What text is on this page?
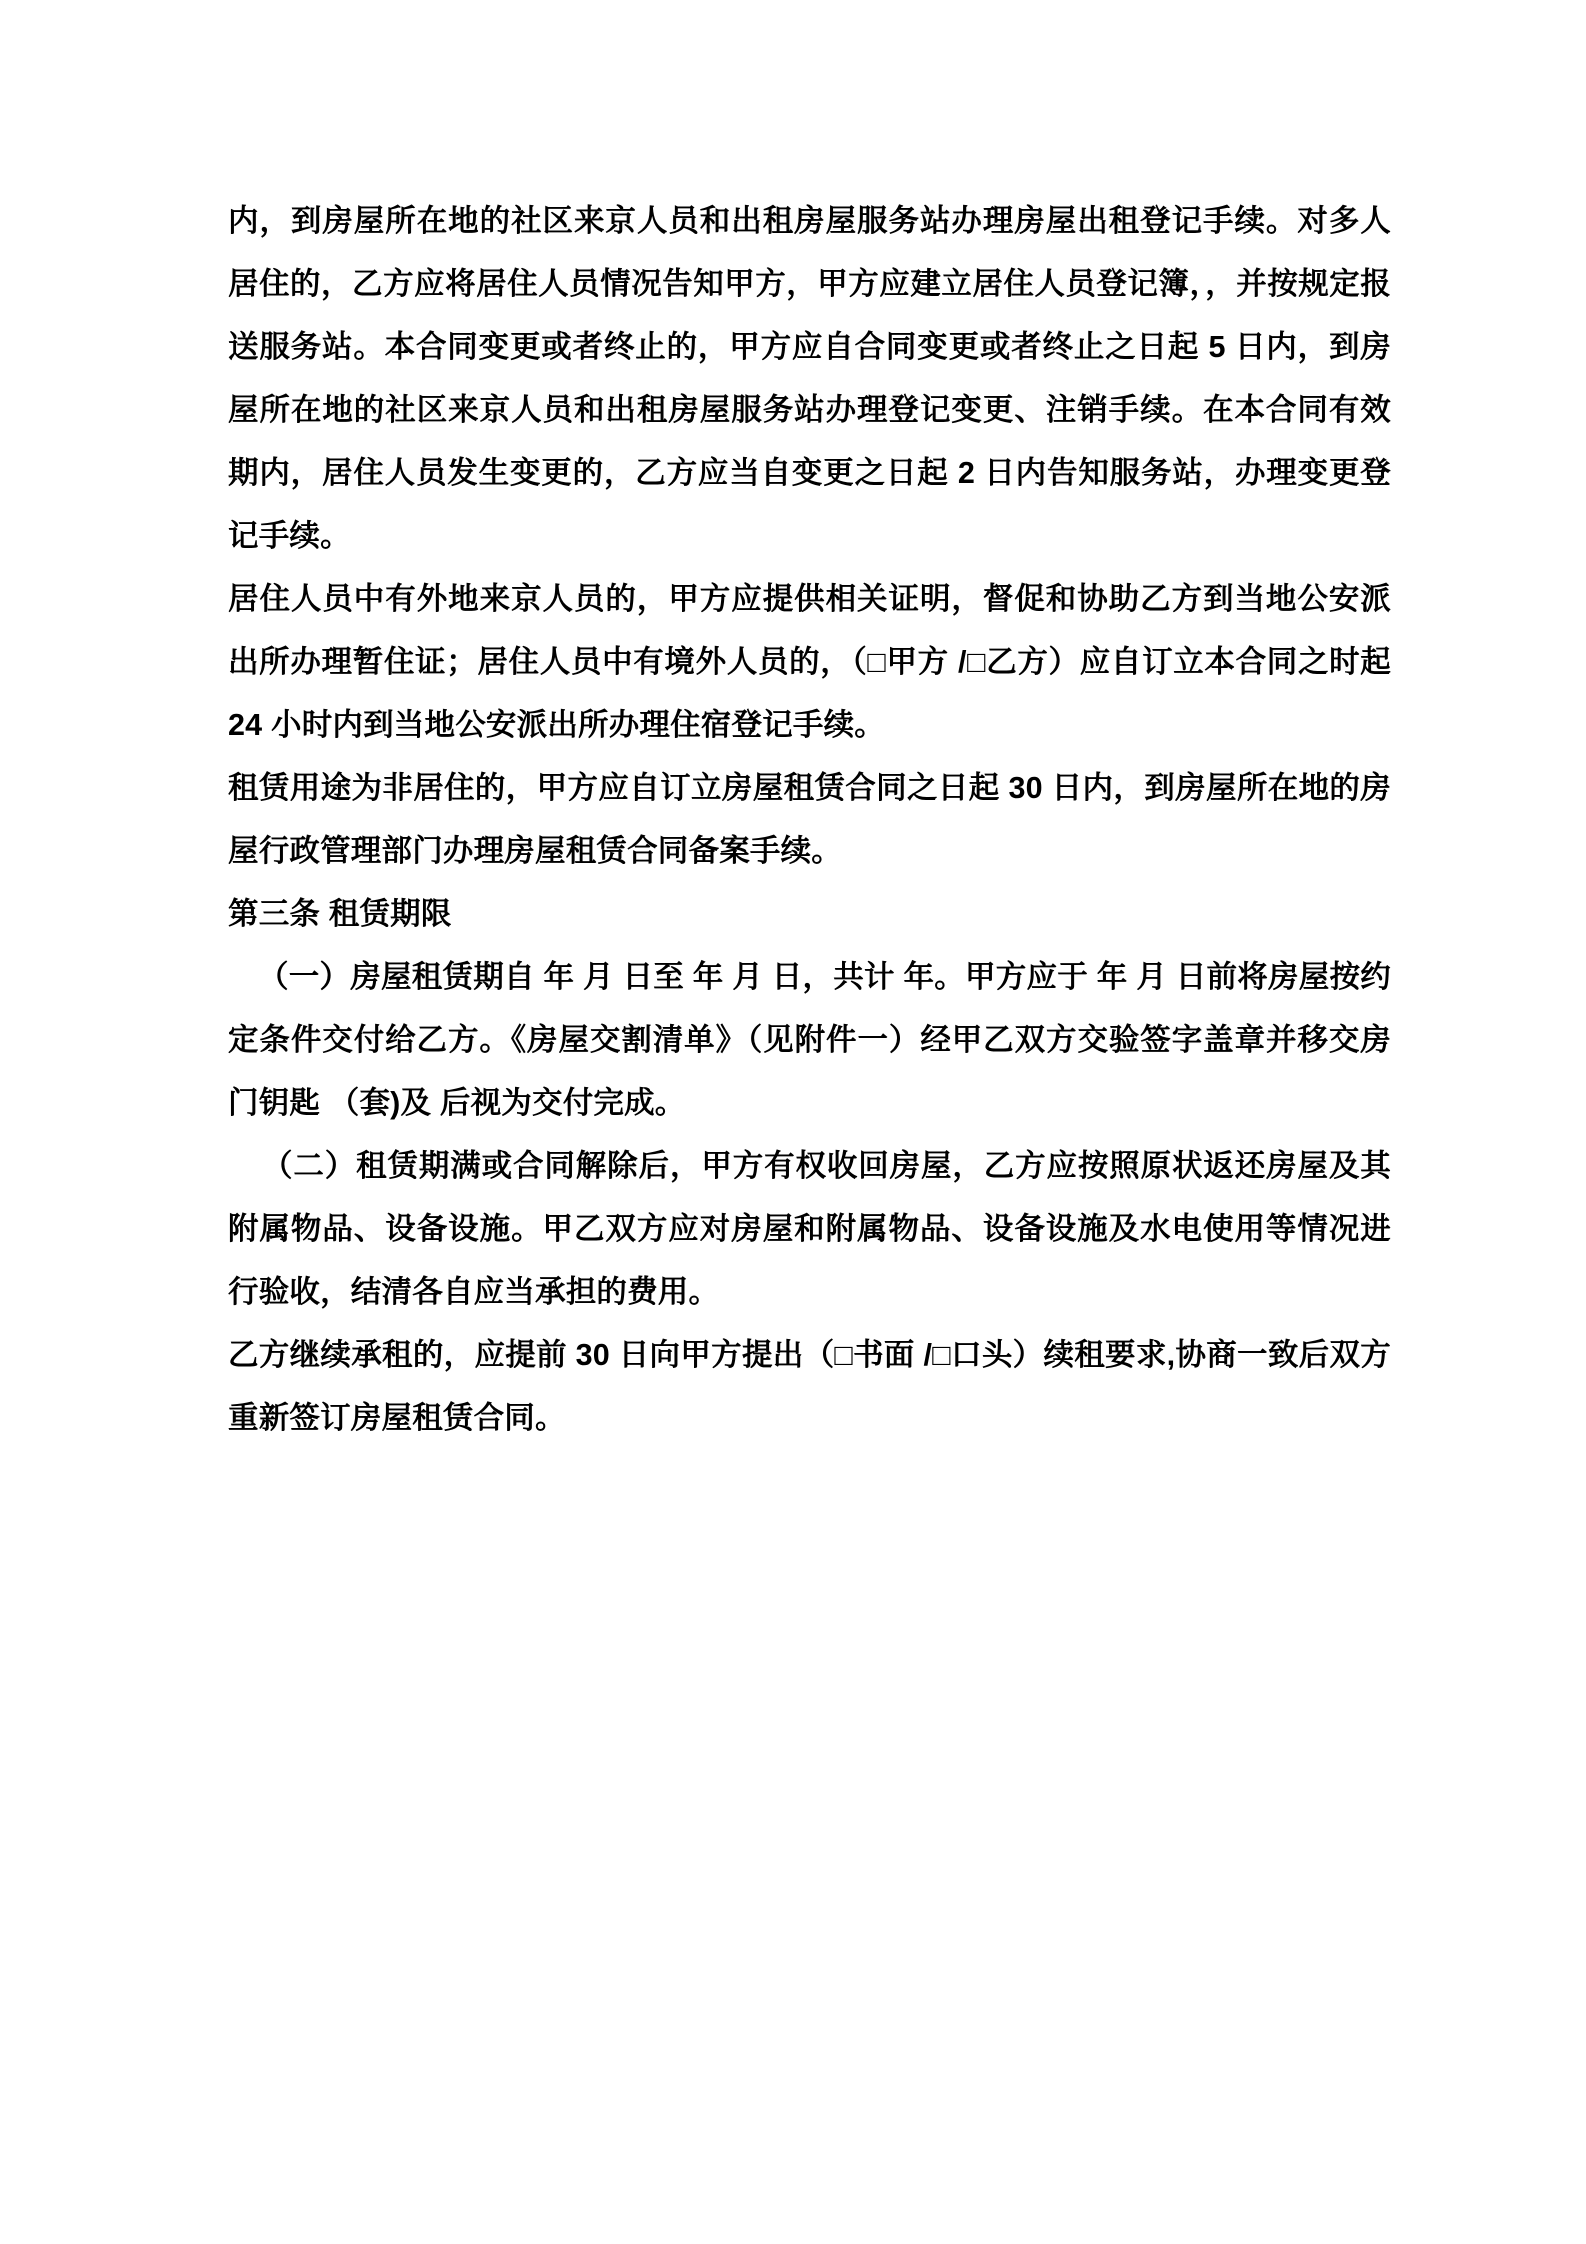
内，到房屋所在地的社区来京人员和出租房屋服务站办理房屋出租登记手续。对多人居住的，乙方应将居住人员情况告知甲方，甲方应建立居住人员登记簿，，并按规定报送服务站。本合同变更或者终止的，甲方应自合同变更或者终止之日起 5 日内，到房屋所在地的社区来京人员和出租房屋服务站办理登记变更、注销手续。在本合同有效期内，居住人员发生变更的，乙方应当自变更之日起 2 日内告知服务站，办理变更登记手续。

居住人员中有外地来京人员的，甲方应提供相关证明，督促和协助乙方到当地公安派出所办理暂住证；居住人员中有境外人员的，（□甲方 /□乙方）应自订立本合同之时起 24 小时内到当地公安派出所办理住宿登记手续。

租赁用途为非居住的，甲方应自订立房屋租赁合同之日起 30 日内，到房屋所在地的房屋行政管理部门办理房屋租赁合同备案手续。

第三条 租赁期限

（一）房屋租赁期自 年 月 日至 年 月 日，共计 年。甲方应于 年 月 日前将房屋按约定条件交付给乙方。《房屋交割清单》（见附件一）经甲乙双方交验签字盖章并移交房门钥匙 （套)及 后视为交付完成。

（二）租赁期满或合同解除后，甲方有权收回房屋，乙方应按照原状返还房屋及其附属物品、设备设施。甲乙双方应对房屋和附属物品、设备设施及水电使用等情况进行验收，结清各自应当承担的费用。

乙方继续承租的，应提前 30 日向甲方提出（□书面 /□口头）续租要求,协商一致后双方重新签订房屋租赁合同。
